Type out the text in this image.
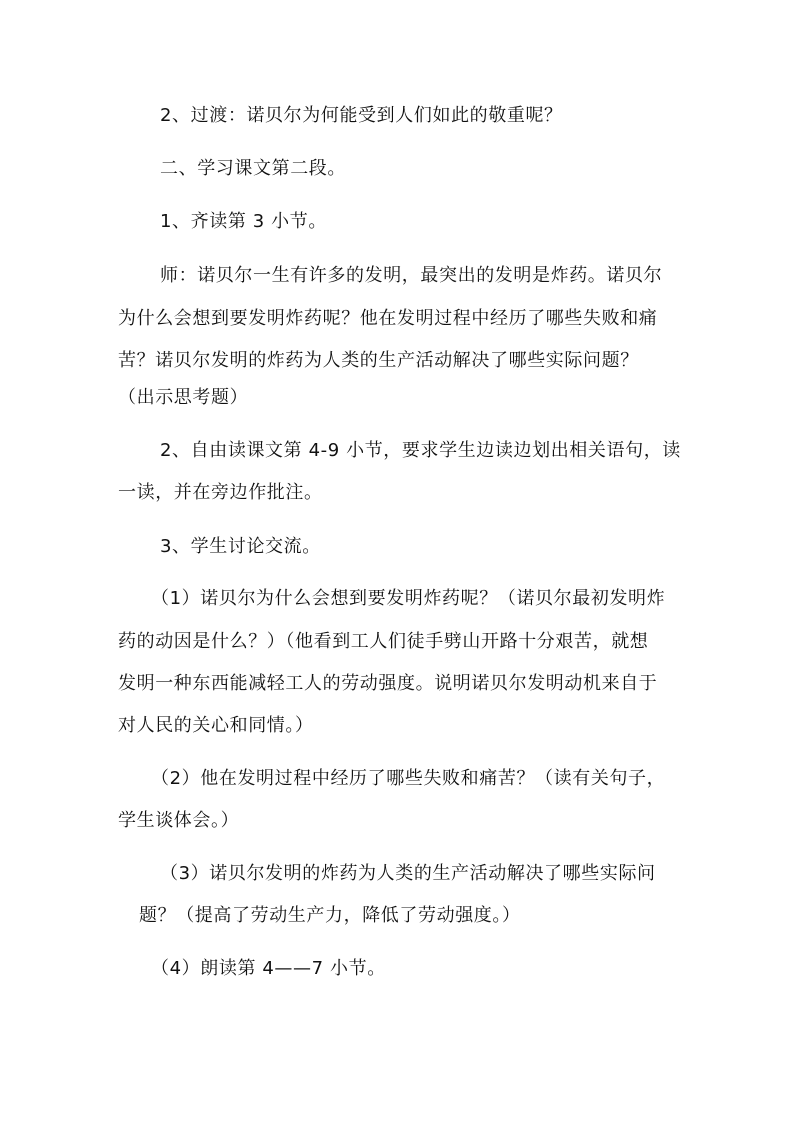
2、过渡：诺贝尔为何能受到人们如此的敬重呢？
二、学习课文第二段。
1、齐读第 3 小节。
师：诺贝尔一生有许多的发明，最突出的发明是炸药。诺贝尔
为什么会想到要发明炸药呢？他在发明过程中经历了哪些失败和痛
苦？诺贝尔发明的炸药为人类的生产活动解决了哪些实际问题？
（出示思考题）
2、自由读课文第 4-9 小节，要求学生边读边划出相关语句，读
一读，并在旁边作批注。
3、学生讨论交流。
（1）诺贝尔为什么会想到要发明炸药呢？（诺贝尔最初发明炸
药的动因是什么？）（他看到工人们徒手劈山开路十分艰苦，就想
发明一种东西能减轻工人的劳动强度。说明诺贝尔发明动机来自于
对人民的关心和同情。）
（2）他在发明过程中经历了哪些失败和痛苦？（读有关句子，
学生谈体会。）
（3）诺贝尔发明的炸药为人类的生产活动解决了哪些实际问
题？（提高了劳动生产力，降低了劳动强度。）
（4）朗读第 4——7 小节。
